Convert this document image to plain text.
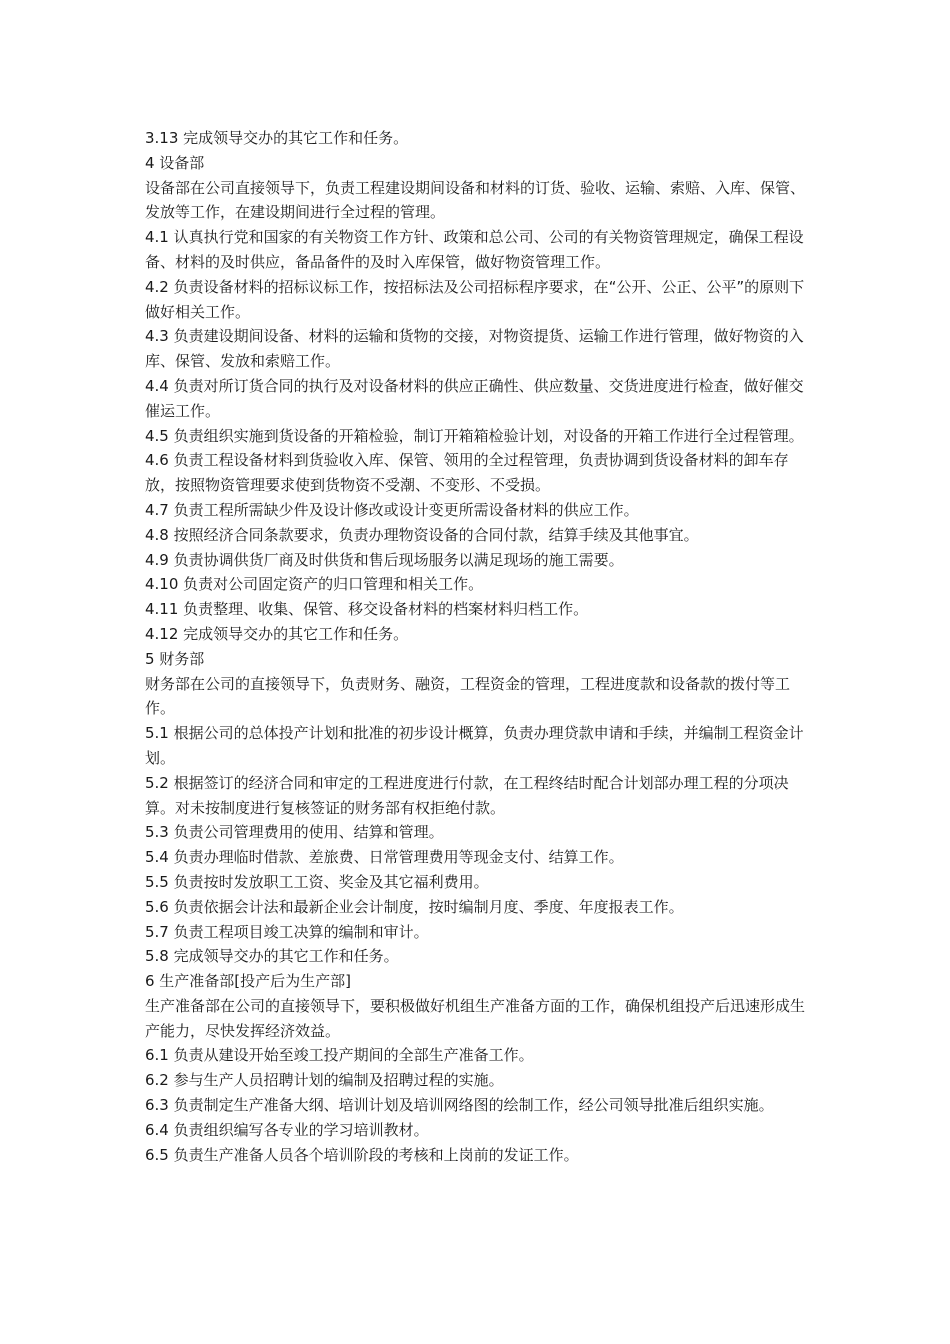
3.13 完成领导交办的其它工作和任务。

4 设备部

设备部在公司直接领导下，负责工程建设期间设备和材料的订货、验收、运输、索赔、入库、保管、发放等工作，在建设期间进行全过程的管理。

4.1 认真执行党和国家的有关物资工作方针、政策和总公司、公司的有关物资管理规定，确保工程设备、材料的及时供应，备品备件的及时入库保管，做好物资管理工作。

4.2 负责设备材料的招标议标工作，按招标法及公司招标程序要求，在“公开、公正、公平”的原则下做好相关工作。

4.3 负责建设期间设备、材料的运输和货物的交接，对物资提货、运输工作进行管理，做好物资的入库、保管、发放和索赔工作。

4.4 负责对所订货合同的执行及对设备材料的供应正确性、供应数量、交货进度进行检查，做好催交催运工作。

4.5 负责组织实施到货设备的开箱检验，制订开箱箱检验计划，对设备的开箱工作进行全过程管理。

4.6 负责工程设备材料到货验收入库、保管、领用的全过程管理，负责协调到货设备材料的卸车存放，按照物资管理要求使到货物资不受潮、不变形、不受损。

4.7 负责工程所需缺少件及设计修改或设计变更所需设备材料的供应工作。

4.8 按照经济合同条款要求，负责办理物资设备的合同付款，结算手续及其他事宜。

4.9 负责协调供货厂商及时供货和售后现场服务以满足现场的施工需要。

4.10 负责对公司固定资产的归口管理和相关工作。

4.11 负责整理、收集、保管、移交设备材料的档案材料归档工作。

4.12 完成领导交办的其它工作和任务。

5 财务部

财务部在公司的直接领导下，负责财务、融资，工程资金的管理，工程进度款和设备款的拨付等工作。

5.1 根据公司的总体投产计划和批准的初步设计概算，负责办理贷款申请和手续，并编制工程资金计划。

5.2 根据签订的经济合同和审定的工程进度进行付款，在工程终结时配合计划部办理工程的分项决算。对未按制度进行复核签证的财务部有权拒绝付款。

5.3 负责公司管理费用的使用、结算和管理。

5.4 负责办理临时借款、差旅费、日常管理费用等现金支付、结算工作。

5.5 负责按时发放职工工资、奖金及其它福利费用。

5.6 负责依据会计法和最新企业会计制度，按时编制月度、季度、年度报表工作。

5.7 负责工程项目竣工决算的编制和审计。

5.8 完成领导交办的其它工作和任务。

6 生产准备部[投产后为生产部]

生产准备部在公司的直接领导下，要积极做好机组生产准备方面的工作，确保机组投产后迅速形成生产能力，尽快发挥经济效益。

6.1 负责从建设开始至竣工投产期间的全部生产准备工作。

6.2 参与生产人员招聘计划的编制及招聘过程的实施。

6.3 负责制定生产准备大纲、培训计划及培训网络图的绘制工作，经公司领导批准后组织实施。

6.4 负责组织编写各专业的学习培训教材。

6.5 负责生产准备人员各个培训阶段的考核和上岗前的发证工作。
